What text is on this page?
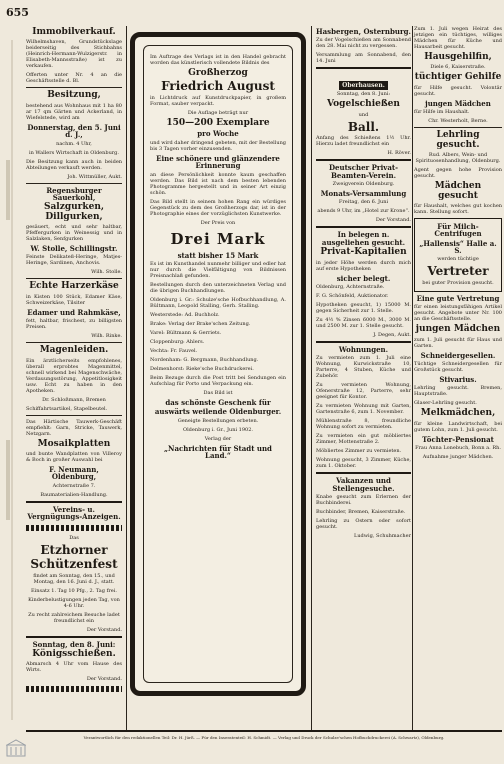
655
Immobilverkauf.

Wilhelmshaven, Grundstückslage beiderseitig des Stichbahns (Heinrich-Hermann-Wulzigerstr. in Elisabeth-Mannsstraße) ist zu verkaufen.

Offerten unter Nr. 4 an die Geschäftsstelle d. Bl.

Besitzung,

bestehend aus Wohnhaus mit 1 ha 80 ar 17 qm Gärten und Ackerland, in Wiefelstede, wird am

Donnerstag, den 5. Juni d. J.,

nachm. 4 Uhr,

in Wallers Wirtschaft in Oldenburg.

Die Besitzung kann auch in beiden Abteilungen verkauft werden.

Joh. Wittmüller, Aukt.

Regensburger Sauerkohl,
Salzgurken, Dillgurken,

gesäuert, echt und sehr haltbar, Pfeffergurken in Weinessig und in Salzlaken, Senfgurken

W. Stolle, Schillingstr.

Feinste Delikateß-Heringe, Matjes-Heringe, Sardinen, Anchovis.

Wilh. Stolle.

Echte Harzerkäse

in Kisten 100 Stück, Edamer Käse, Schweizerkäse, Tilsiter

Edamer und Rahmkäse,

fett, haltbar, frischest, zu billigsten Preisen.

Wilh. Rinke.

Magenleiden.

Ein ärztlicherseits empfohlenes, überall erprobtes Magenmittel, schnell wirkend bei Magenschwäche, Verdauungsstörung, Appetitlosigkeit usw. Echt zu haben in den Apotheken.

Dr. Schloßmann, Bremen

Schiffahrtsartikel, Stapelbeutel.

Das Härtische Tauwerk-Geschäft empfiehlt: Garn, Stricke, Tauwerk, Netzgarn.

Mosaikplatten

und bunte Wandplatten von Villeroy & Boch in großer Auswahl bei

F. Neumann, Oldenburg,

Achternstraße 7.

Baumaterialien-Handlung.

Vereins- u. Vergnügungs-Anzeigen.

Das

Etzhorner
Schützenfest

findet am Sonntag, den 15., und Montag, den 16. Juni d. J., statt.

Einsatz 1. Tag 10 Pfg., 2. Tag frei.

Kinderbelustigungen jeden Tag, von 4-6 Uhr.

Zu recht zahlreichem Besuche ladet freundlichst ein

Der Vorstand.

Sonntag, den 8. Juni:
Königsschießen.

Abmarsch 4 Uhr vom Hause des Wirts.

Der Vorstand.

Im Auftrage des Verlags ist in den Handel gebracht worden das künstlerisch vollendete Bildnis des

Großherzog
Friedrich August

in Lichtdruck auf Kunstdruckpapier, in großem Format, sauber verpackt.

Die Auflage beträgt nur

150—200 Exemplare
pro Woche

und wird daher dringend gebeten, mit der Bestellung bis 3 Tagen vorher einzusenden.

Eine schönere und glänzendere Erinnerung

an diese Persönlichkeit konnte kaum geschaffen werden. Das Bild ist nach dem besten lebenden Photogramme hergestellt und in seiner Art einzig schön.

Das Bild stellt in seinem hohen Rang ein würdiges Gegenstück zu dem des Großherzogs dar, ist in der Photographie eines der vorzüglichsten Kunstwerke.

Der Preis von

Drei Mark
statt bisher 15 Mark

Es ist im Kunsthandel nunmehr billiger und edler hat nur durch die Vielfältigung von Bildnissen Preisnachlaß gefunden.

Bestellungen durch den unterzeichneten Verlag und die übrigen Buchhandlungen.

Oldenburg i. Gr.: Schulze'sche Hofbuchhandlung, A. Bültmann, Leopold Stalling, Gerh. Stalling.

Westerstede: Ad. Buchholz.

Brake: Verlag der Brake'schen Zeitung.

Varel: Bültmann & Gerriets.

Cloppenburg: Ahlers.

Vechta: Fr. Fauvel.

Nordenham: G. Bergmann, Buchhandlung.

Delmenhorst: Rieke'sche Buchdruckerei.

Beim Bezuge durch die Post tritt bei Sendungen ein Aufschlag für Porto und Verpackung ein.

Das Bild ist

das schönste Geschenk für
auswärts weilende Oldenburger.

Geneigte Bestellungen erbeten.

Oldenburg i. Gr., Juni 1902.

Verlag der

„Nachrichten für Stadt und Land.“
Hasbergen, Osternburg.

Zu der Vogelschießen am Sonnabend den 28. Mai nicht zu vergessen.

Versammlung am Sonnabend, den 14. Juni

Oberhausen.

Sonntag, den 8. Juni:

Vogelschießen

und

Ball.

Anfang des Schießens 1½ Uhr. Hierzu ladet freundlichst ein

H. Röver.

Deutscher Privat-Beamten-Verein.

Zweigverein Oldenburg.

Monats-Versammlung

Freitag, den 6. Juni

abends 9 Uhr, im „Hotel zur Krone“.

Der Vorstand.

In belegen n. ausgeliehen gesucht.
Privat-Kapitalien

in jeder Höhe werden durch mich auf erste Hypotheken

sicher belegt.

Oldenburg, Achternstraße.

F. G. Schönfeld, Auktionator.

Hypotheken gesucht, 1) 15000 M. gegen Sicherheit zur 1. Stelle.

Zu 4½ % Zinsen 6000 M., 3000 M. und 2500 M. zur 1. Stelle gesucht.

J. Degen, Aukt.

Wohnungen.

Zu vermieten zum 1. Juli eine Wohnung, Kurwickstraße 10, Parterre, 4 Stuben, Küche und Zubehör.

Zu vermieten Wohnung, Ofenerstraße 12, Parterre, sehr geeignet für Kontor.

Zu vermieten Wohnung mit Garten, Gartenstraße 6, zum 1. November.

Mühlenstraße 8, freundliche Wohnung sofort zu vermieten.

Zu vermieten ein gut möbliertes Zimmer, Mottenstraße 2.

Möbliertes Zimmer zu vermieten.

Wohnung gesucht, 3 Zimmer, Küche, zum 1. Oktober.

Vakanzen und Stellengesuche.

Knabe gesucht zum Erlernen der Buchbinderei.

Buchbinder, Bremen, Kaiserstraße.

Lehrling zu Ostern oder sofort gesucht.

Ludwig, Schuhmacher

Zum 1. Juli wegen Heirat des jetzigen ein tüchtiges, williges Mädchen für Küche und Hausarbeit gesucht.

Hausgehilfin,

Diele 6, Kaiserstraße.

tüchtiger Gehilfe

für Hilfe gesucht. Volontär gesucht.

jungen Mädchen

für Hilfe im Haushalt.

Chr. Westerholt, Berne.

Lehrling gesucht.

Rud. Albers, Wein- und Spirituosenhandlung, Oldenburg.

Agent gegen hohe Provision gesucht.

Mädchen gesucht

für Haushalt, welches gut kochen kann. Stellung sofort.

Für Milch-Centrifugen
„Hallensis“ Halle a. S.

werden tüchtige

Vertreter

bei guter Provision gesucht.

Eine gute Vertretung

für einen leistungsfähigen Artikel gesucht. Angebote unter Nr. 100 an die Geschäftsstelle.

jungen Mädchen

zum 1. Juli gesucht für Haus und Garten.

Schneidergesellen.

Tüchtige Schneidergesellen für Großstück gesucht.

Stivarius.

Lehrling gesucht. Bremen, Hauptstraße.

Glaser-Lehrling gesucht.

Melkmädchen,

für kleine Landwirtschaft, bei gutem Lohn, zum 1. Juli gesucht.

Töchter-Pensionat

Frau Anna Lonebuch, Bonn a. Rh.

Aufnahme junger Mädchen.

Verantwortlich für den redaktionellen Teil: Dr. H. Jürß. — Für den Inseratenteil: H. Schmidt. — Verlag und Druck der Schulze'schen Hofbuchdruckerei (A. Schwartz), Oldenburg.
